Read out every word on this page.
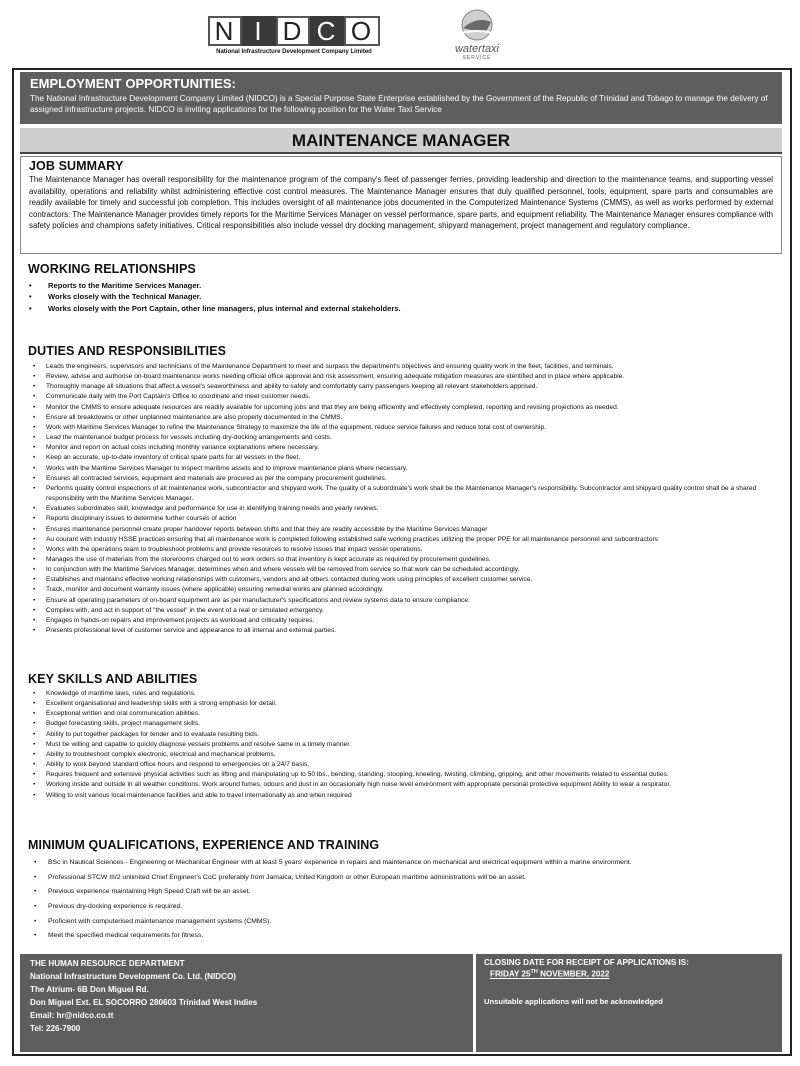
N I D C O
National Infrastructure Development Company Limited	watertaxi
SERVICE
EMPLOYMENT OPPORTUNITIES:
The National Infrastructure Development Company Limited (NIDCO) is a Special Purpose State Enterprise established by the Government of the Republic of Trinidad and Tobago to manage the delivery of assigned infrastructure projects. NIDCO is inviting applications for the following position for the Water Taxi Service
MAINTENANCE MANAGER
JOB SUMMARY
The Maintenance Manager has overall responsibility for the maintenance program of the company's fleet of passenger ferries, providing leadership and direction to the maintenance teams, and supporting vessel availability, operations and reliability whilst administering effective cost control measures. The Maintenance Manager ensures that duly qualified personnel, tools, equipment, spare parts and consumables are readily available for timely and successful job completion. This includes oversight of all maintenance jobs documented in the Computerized Maintenance Systems (CMMS), as well as works performed by external contractors. The Maintenance Manager provides timely reports for the Maritime Services Manager on vessel performance, spare parts, and equipment reliability. The Maintenance Manager ensures compliance with safety policies and champions safety initiatives. Critical responsibilities also include vessel dry docking management, shipyard management, project management and regulatory compliance.
WORKING RELATIONSHIPS
• Reports to the Maritime Services Manager.
• Works closely with the Technical Manager.
• Works closely with the Port Captain, other line managers, plus internal and external stakeholders.
DUTIES AND RESPONSIBILITIES
• Leads the engineers, supervisors and technicians of the Maintenance Department to meet and surpass the department's objectives and ensuring quality work in the fleet, facilities, and terminals.
• Review, advise and authorise on-board maintenance works needing official office approval and risk assessment, ensuring adequate mitigation measures are identified and in place where applicable.
• Thoroughly manage all situations that affect a vessel's seaworthiness and ability to safely and comfortably carry passengers keeping all relevant stakeholders apprised.
• Communicate daily with the Port Captain's Office to coordinate and meet customer needs.
• Monitor the CMMS to ensure adequate resources are readily available for upcoming jobs and that they are being efficiently and effectively completed, reporting and revising projections as needed.
• Ensure all breakdowns or other unplanned maintenance are also properly documented in the CMMS.
• Work with Maritime Services Manager to refine the Maintenance Strategy to maximize the life of the equipment, reduce service failures and reduce total cost of ownership.
• Lead the maintenance budget process for vessels including dry-docking arrangements and costs.
• Monitor and report on actual costs including monthly variance explanations where necessary.
• Keep an accurate, up-to-date inventory of critical spare parts for all vessels in the fleet.
• Works with the Maritime Services Manager to inspect maritime assets and to improve maintenance plans where necessary.
• Ensures all contracted services, equipment and materials are procured as per the company procurement guidelines.
• Performs quality control inspections of all maintenance work, subcontractor and shipyard work. The quality of a subordinate's work shall be the Maintenance Manager's responsibility. Subcontractor and shipyard quality control shall be a shared responsibility with the Maritime Services Manager.
• Evaluates subordinates skill, knowledge and performance for use in identifying training needs and yearly reviews.
• Reports disciplinary issues to determine further courses of action
• Ensures maintenance personnel create proper handover reports between shifts and that they are readily accessible by the Maritime Services Manager
• Au courant with industry HSSE practices ensuring that all maintenance work is completed following established safe working practices utilizing the proper PPE for all maintenance personnel and subcontractors
• Works with the operations team to troubleshoot problems and provide resources to resolve issues that impact vessel operations.
• Manages the use of materials from the storerooms charged out to work orders so that inventory is kept accurate as required by procurement guidelines.
• In conjunction with the Maritime Services Manager, determines when and where vessels will be removed from service so that work can be scheduled accordingly.
• Establishes and maintains effective working relationships with customers, vendors and all others contacted during work using principles of excellent customer service.
• Track, monitor and document warranty issues (where applicable) ensuring remedial works are planned accordingly.
• Ensure all operating parameters of on-board equipment are as per manufacturer's specifications and review systems data to ensure compliance.
• Complies with, and act in support of "the vessel" in the event of a real or simulated emergency.
• Engages in hands-on repairs and improvement projects as workload and criticality requires.
• Presents professional level of customer service and appearance to all internal and external parties.
KEY SKILLS AND ABILITIES
• Knowledge of maritime laws, rules and regulations.
• Excellent organisational and leadership skills with a strong emphasis for detail.
• Exceptional written and oral communication abilities.
• Budget forecasting skills, project management skills.
• Ability to put together packages for tender and to evaluate resulting bids.
• Must be willing and capable to quickly diagnose vessels problems and resolve same in a timely manner.
• Ability to troubleshoot complex electronic, electrical and mechanical problems.
• Ability to work beyond standard office hours and respond to emergencies on a 24/7 basis.
• Requires frequent and extensive physical activities such as lifting and manipulating up to 50 lbs., bending, standing, stooping, kneeling, twisting, climbing, gripping, and other movements related to essential duties.
• Working inside and outside in all weather conditions. Work around fumes, odours and dust in an occasionally high noise level environment with appropriate personal protective equipment Ability to wear a respirator.
• Willing to visit various local maintenance facilities and able to travel internationally as and when required
MINIMUM QUALIFICATIONS, EXPERIENCE AND TRAINING
• BSc in Nautical Sciences - Engineering or Mechanical Engineer with at least 5 years' experience in repairs and maintenance on mechanical and electrical equipment within a marine environment.
• Professional STCW III/2 unlimited Chief Engineer's CoC preferably from Jamaica, United Kingdom or other European maritime administrations will be an asset.
• Previous experience maintaining High Speed Craft will be an asset.
• Previous dry-docking experience is required.
• Proficient with computerised maintenance management systems (CMMS).
• Meet the specified medical requirements for fitness.
THE HUMAN RESOURCE DEPARTMENT
National Infrastructure Development Co. Ltd. (NIDCO)
The Atrium- 6B Don Miguel Rd.
Don Miguel Ext. EL SOCORRO 280603 Trinidad West Indies
Email: hr@nidco.co.tt
Tel: 226-7900
CLOSING DATE FOR RECEIPT OF APPLICATIONS IS:
FRIDAY 25TH NOVEMBER, 2022
Unsuitable applications will not be acknowledged
